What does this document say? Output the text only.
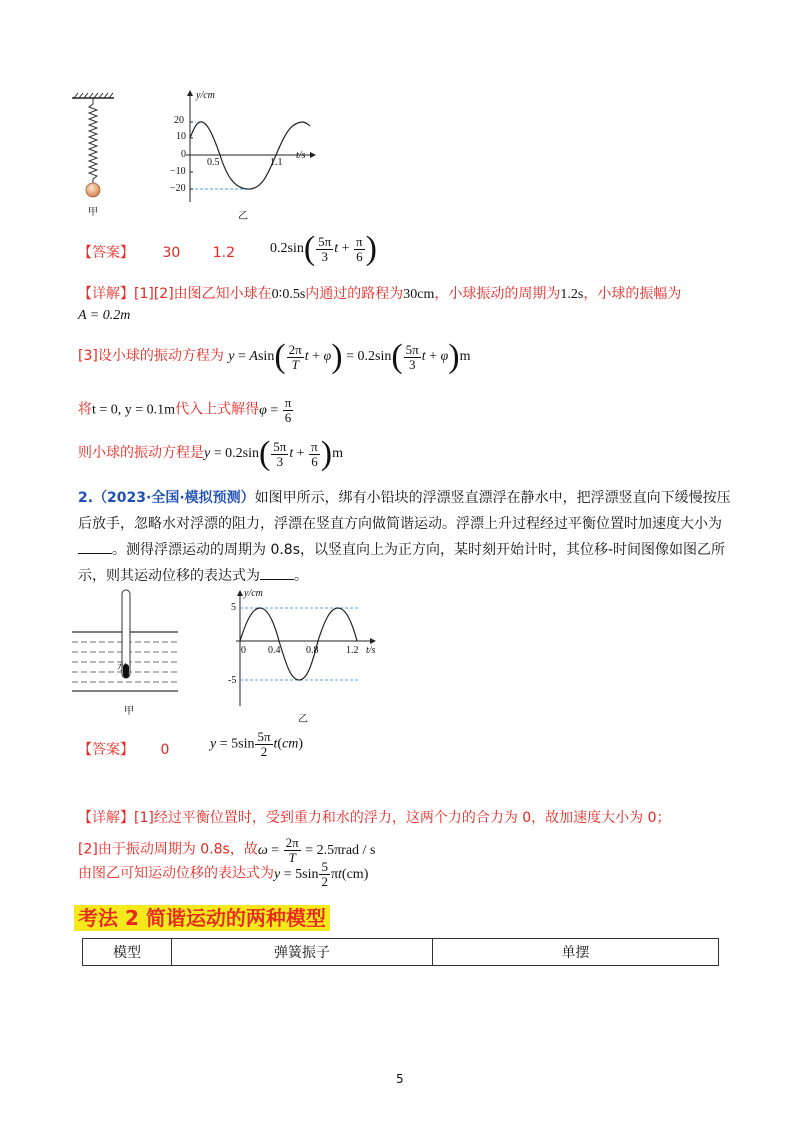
y/cm
t/s
20
10
0
−10
−20
0.5	1.1
甲	乙
【答案】 30 1.2	$0.2\sin( \frac{5\pi}{3}$ $t + \frac{\pi}{6}$ )
【详解】[1][2]由图乙知小球在0∶0.5s内通过的路程为30cm，小球振动的周期为1.2s，小球的振幅为
A = 0.2m
[3]设小球的振动方程为 $y = Asin( \frac{2\pi}{T}$ $t + \varphi) = 0.2\sin( \frac{5\pi}{3}$ t + φ)m
将t = 0, y = 0.1m代入上式解得$\varphi = \frac{\pi}{6}$
则小球的振动方程是$y = 0.2\sin( \frac{5\pi}{3}$ $t + \frac{\pi}{6} )m$
2.（2023·全国·模拟预测）如图甲所示，绑有小铅块的浮漂竖直漂浮在静水中，把浮漂竖直向下缓慢按压
后放手，忽略水对浮漂的阻力，浮漂在竖直方向做简谐运动。浮漂上升过程经过平衡位置时加速度大小为
。测得浮漂运动的周期为 0.8s，以竖直向上为正方向，某时刻开始计时，其位移-时间图像如图乙所
示，则其运动位移的表达式为 。
水
y/cm
t/s
5
-5
0 0.4	0.8	1.2
甲
乙
【答案】 0	$y = 5\sin \frac{5\pi}{2} t(cm)$
【详解】[1]经过平衡位置时，受到重力和水的浮力，这两个力的合力为 0，故加速度大小为 0；
[2]由于振动周期为 0.8s，故$\omega = \frac{2\pi}{T} = 2.5\pi rad / s$
由图乙可知运动位移的表达式为$y = 5\sin \frac{5}{2} \pi t(cm)$
考法 2 简谐运动的两种模型
模型	弹簧振子	单摆
5
